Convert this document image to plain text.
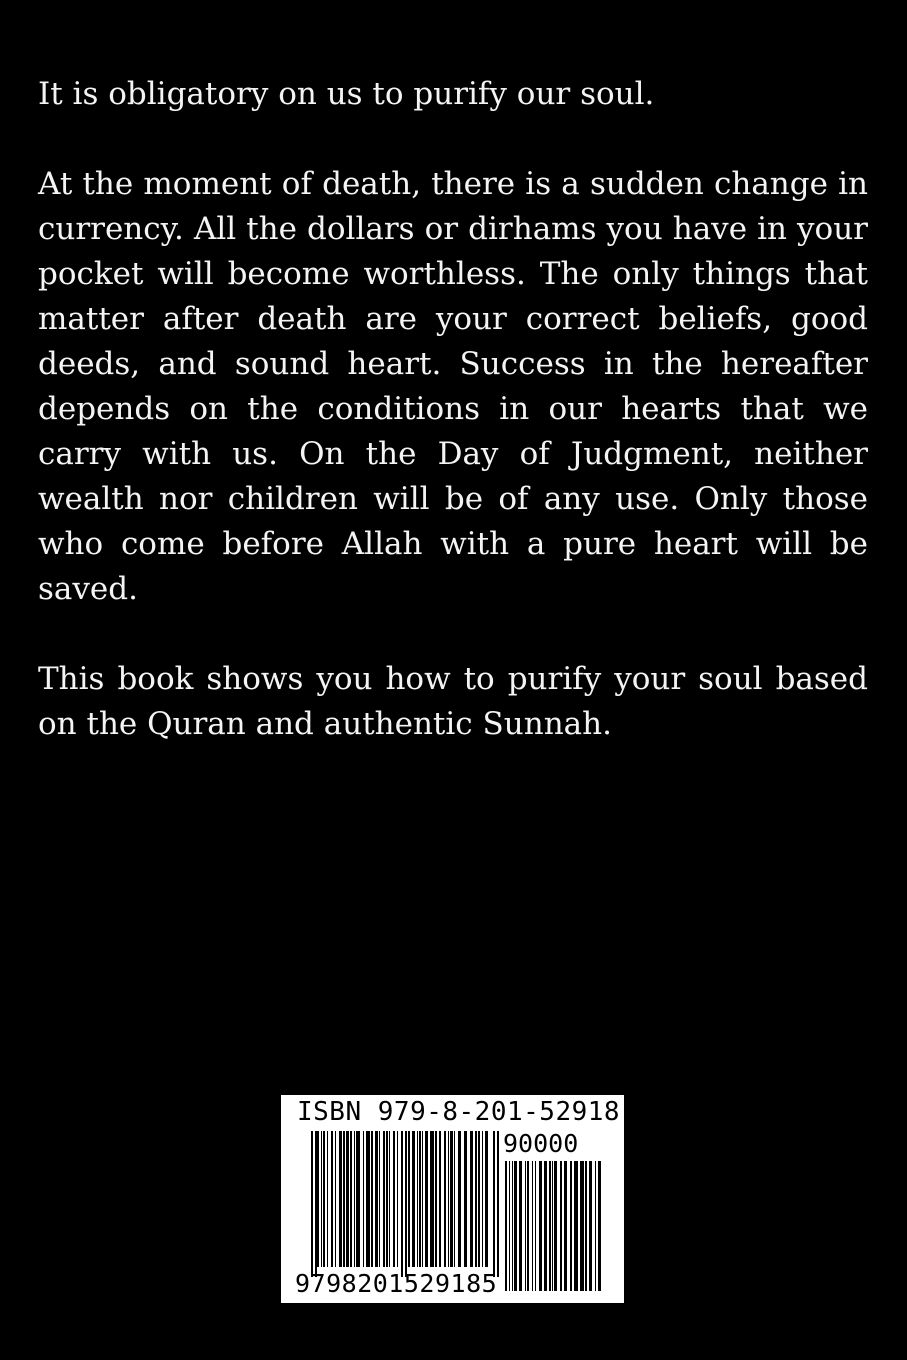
It is obligatory on us to purify our soul.

At the moment of death, there is a sudden change in currency. All the dollars or dirhams you have in your pocket will become worthless. The only things that matter after death are your correct beliefs, good deeds, and sound heart. Success in the hereafter depends on the conditions in our hearts that we carry with us. On the Day of Judgment, neither wealth nor children will be of any use. Only those who come before Allah with a pure heart will be saved.

This book shows you how to purify your soul based on the Quran and authentic Sunnah.

ISBN 979-8-201-52918-5
90000
9798201529185
